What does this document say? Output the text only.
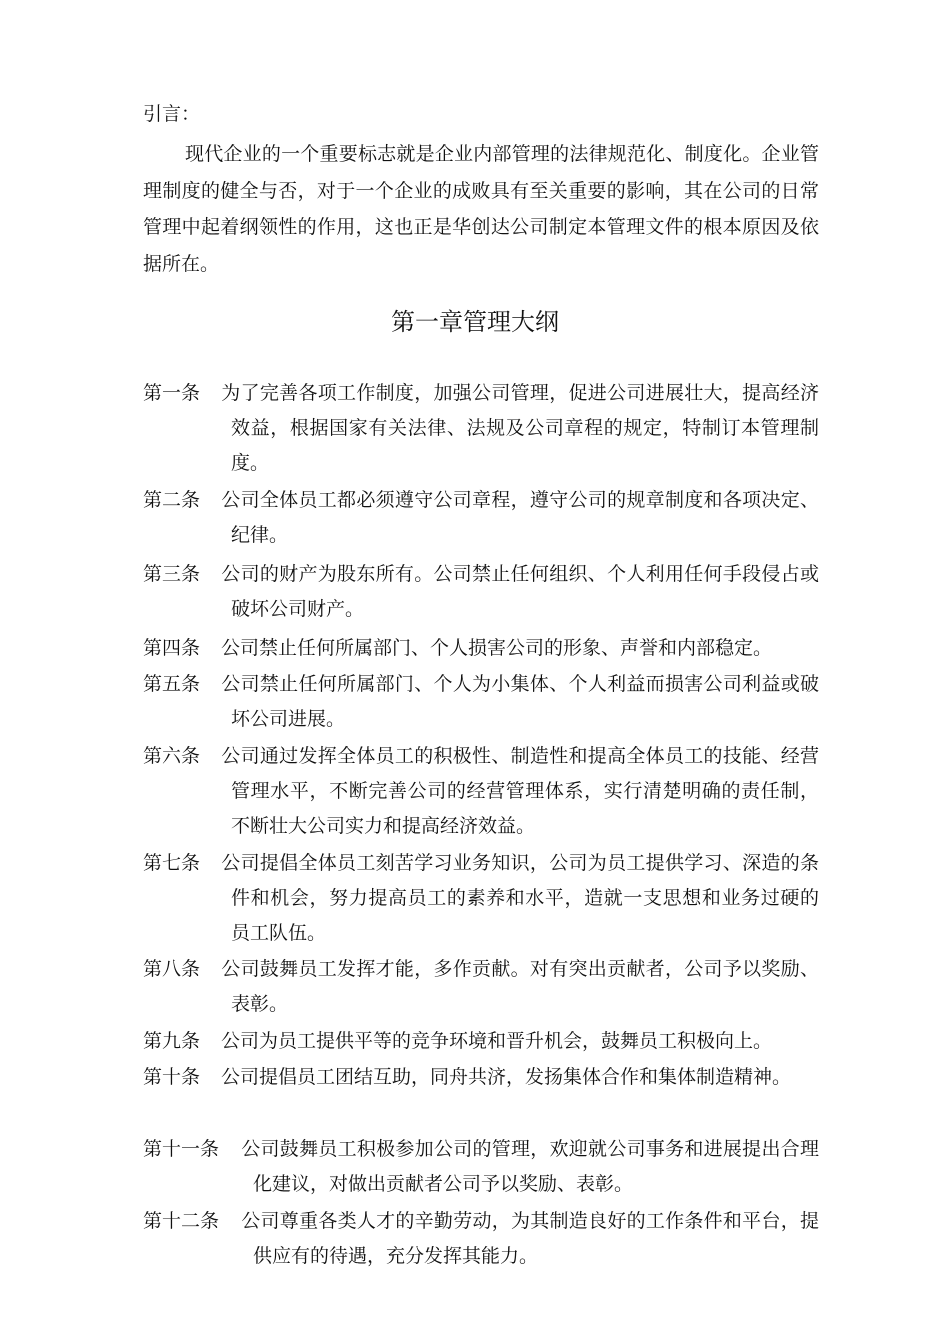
引言：

现代企业的一个重要标志就是企业内部管理的法律规范化、制度化。企业管理制度的健全与否，对于一个企业的成败具有至关重要的影响，其在公司的日常管理中起着纲领性的作用，这也正是华创达公司制定本管理文件的根本原因及依据所在。

第一章管理大纲

第一条 为了完善各项工作制度，加强公司管理，促进公司进展壮大，提高经济效益，根据国家有关法律、法规及公司章程的规定，特制订本管理制度。

第二条 公司全体员工都必须遵守公司章程，遵守公司的规章制度和各项决定、纪律。

第三条 公司的财产为股东所有。公司禁止任何组织、个人利用任何手段侵占或破坏公司财产。

第四条 公司禁止任何所属部门、个人损害公司的形象、声誉和内部稳定。

第五条 公司禁止任何所属部门、个人为小集体、个人利益而损害公司利益或破坏公司进展。

第六条 公司通过发挥全体员工的积极性、制造性和提高全体员工的技能、经营管理水平，不断完善公司的经营管理体系，实行清楚明确的责任制，不断壮大公司实力和提高经济效益。

第七条 公司提倡全体员工刻苦学习业务知识，公司为员工提供学习、深造的条件和机会，努力提高员工的素养和水平，造就一支思想和业务过硬的员工队伍。

第八条 公司鼓舞员工发挥才能，多作贡献。对有突出贡献者，公司予以奖励、表彰。

第九条 公司为员工提供平等的竞争环境和晋升机会，鼓舞员工积极向上。

第十条 公司提倡员工团结互助，同舟共济，发扬集体合作和集体制造精神。

第十一条 公司鼓舞员工积极参加公司的管理，欢迎就公司事务和进展提出合理化建议，对做出贡献者公司予以奖励、表彰。

第十二条 公司尊重各类人才的辛勤劳动，为其制造良好的工作条件和平台，提供应有的待遇，充分发挥其能力。
